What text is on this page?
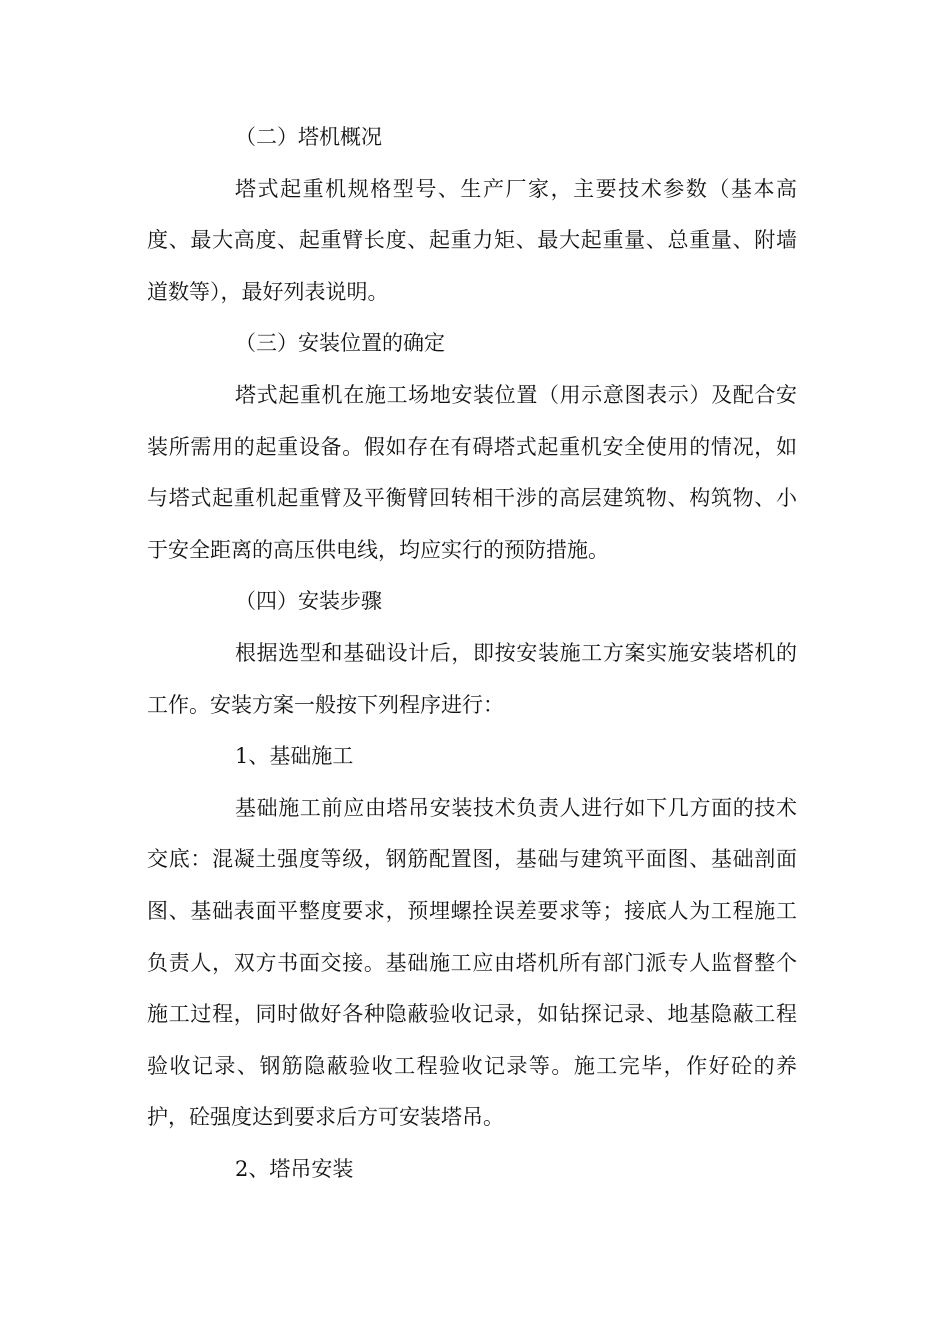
（二）塔机概况

塔式起重机规格型号、生产厂家，主要技术参数（基本高度、最大高度、起重臂长度、起重力矩、最大起重量、总重量、附墙道数等），最好列表说明。

（三）安装位置的确定

塔式起重机在施工场地安装位置（用示意图表示）及配合安装所需用的起重设备。假如存在有碍塔式起重机安全使用的情况，如与塔式起重机起重臂及平衡臂回转相干涉的高层建筑物、构筑物、小于安全距离的高压供电线，均应实行的预防措施。

（四）安装步骤

根据选型和基础设计后，即按安装施工方案实施安装塔机的工作。安装方案一般按下列程序进行：

1、基础施工

基础施工前应由塔吊安装技术负责人进行如下几方面的技术交底：混凝土强度等级，钢筋配置图，基础与建筑平面图、基础剖面图、基础表面平整度要求，预埋螺拴误差要求等；接底人为工程施工负责人，双方书面交接。基础施工应由塔机所有部门派专人监督整个施工过程，同时做好各种隐蔽验收记录，如钻探记录、地基隐蔽工程验收记录、钢筋隐蔽验收工程验收记录等。施工完毕，作好砼的养护，砼强度达到要求后方可安装塔吊。

2、塔吊安装
